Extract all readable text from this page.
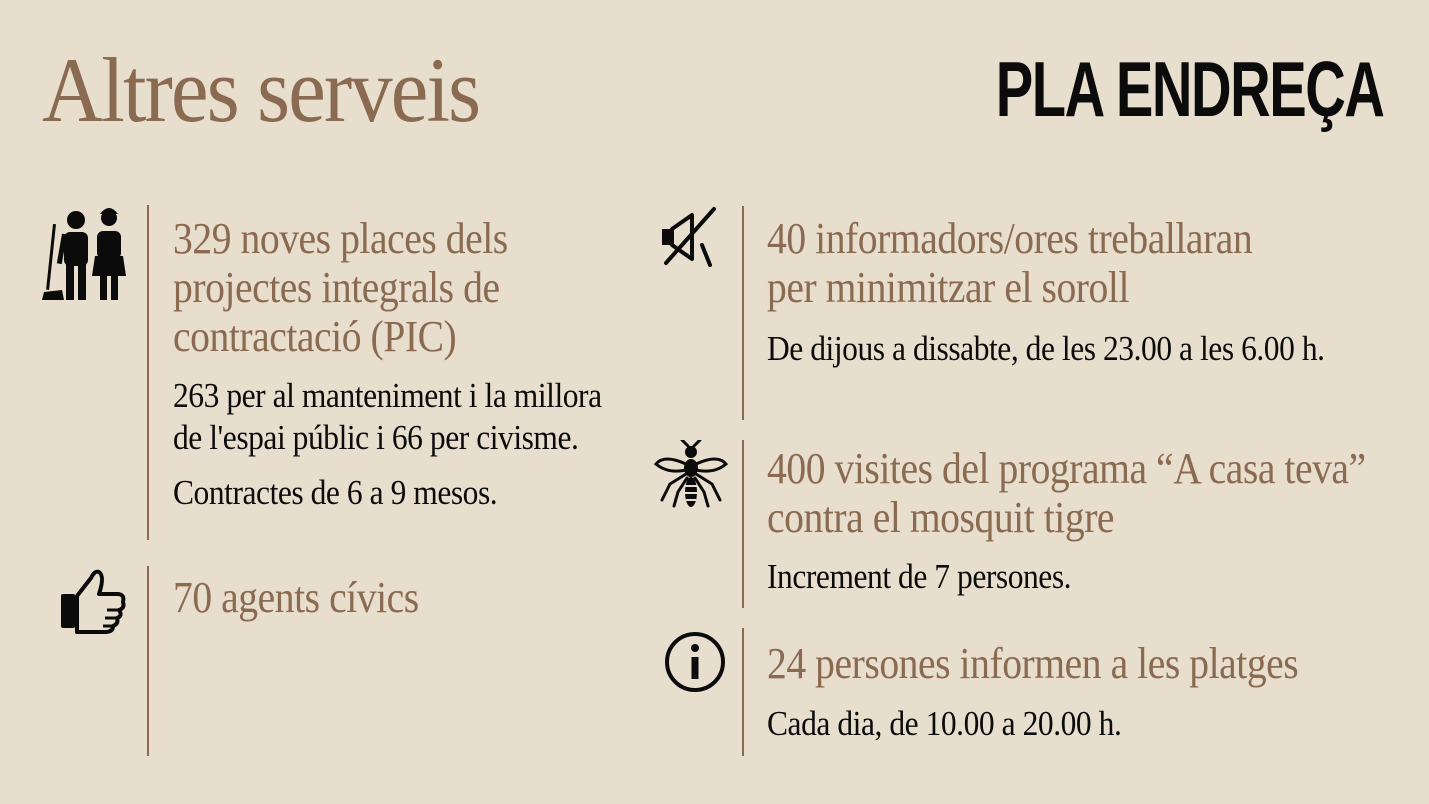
Altres serveis	PLA ENDREÇA
329 noves places dels
projectes integrals de
contractació (PIC)
263 per al manteniment i la millora
de l'espai públic i 66 per civisme.
Contractes de 6 a 9 mesos.
70 agents cívics
40 informadors/ores treballaran
per minimitzar el soroll
De dijous a dissabte, de les 23.00 a les 6.00 h.
400 visites del programa “A casa teva”
contra el mosquit tigre
Increment de 7 persones.
24 persones informen a les platges
Cada dia, de 10.00 a 20.00 h.
